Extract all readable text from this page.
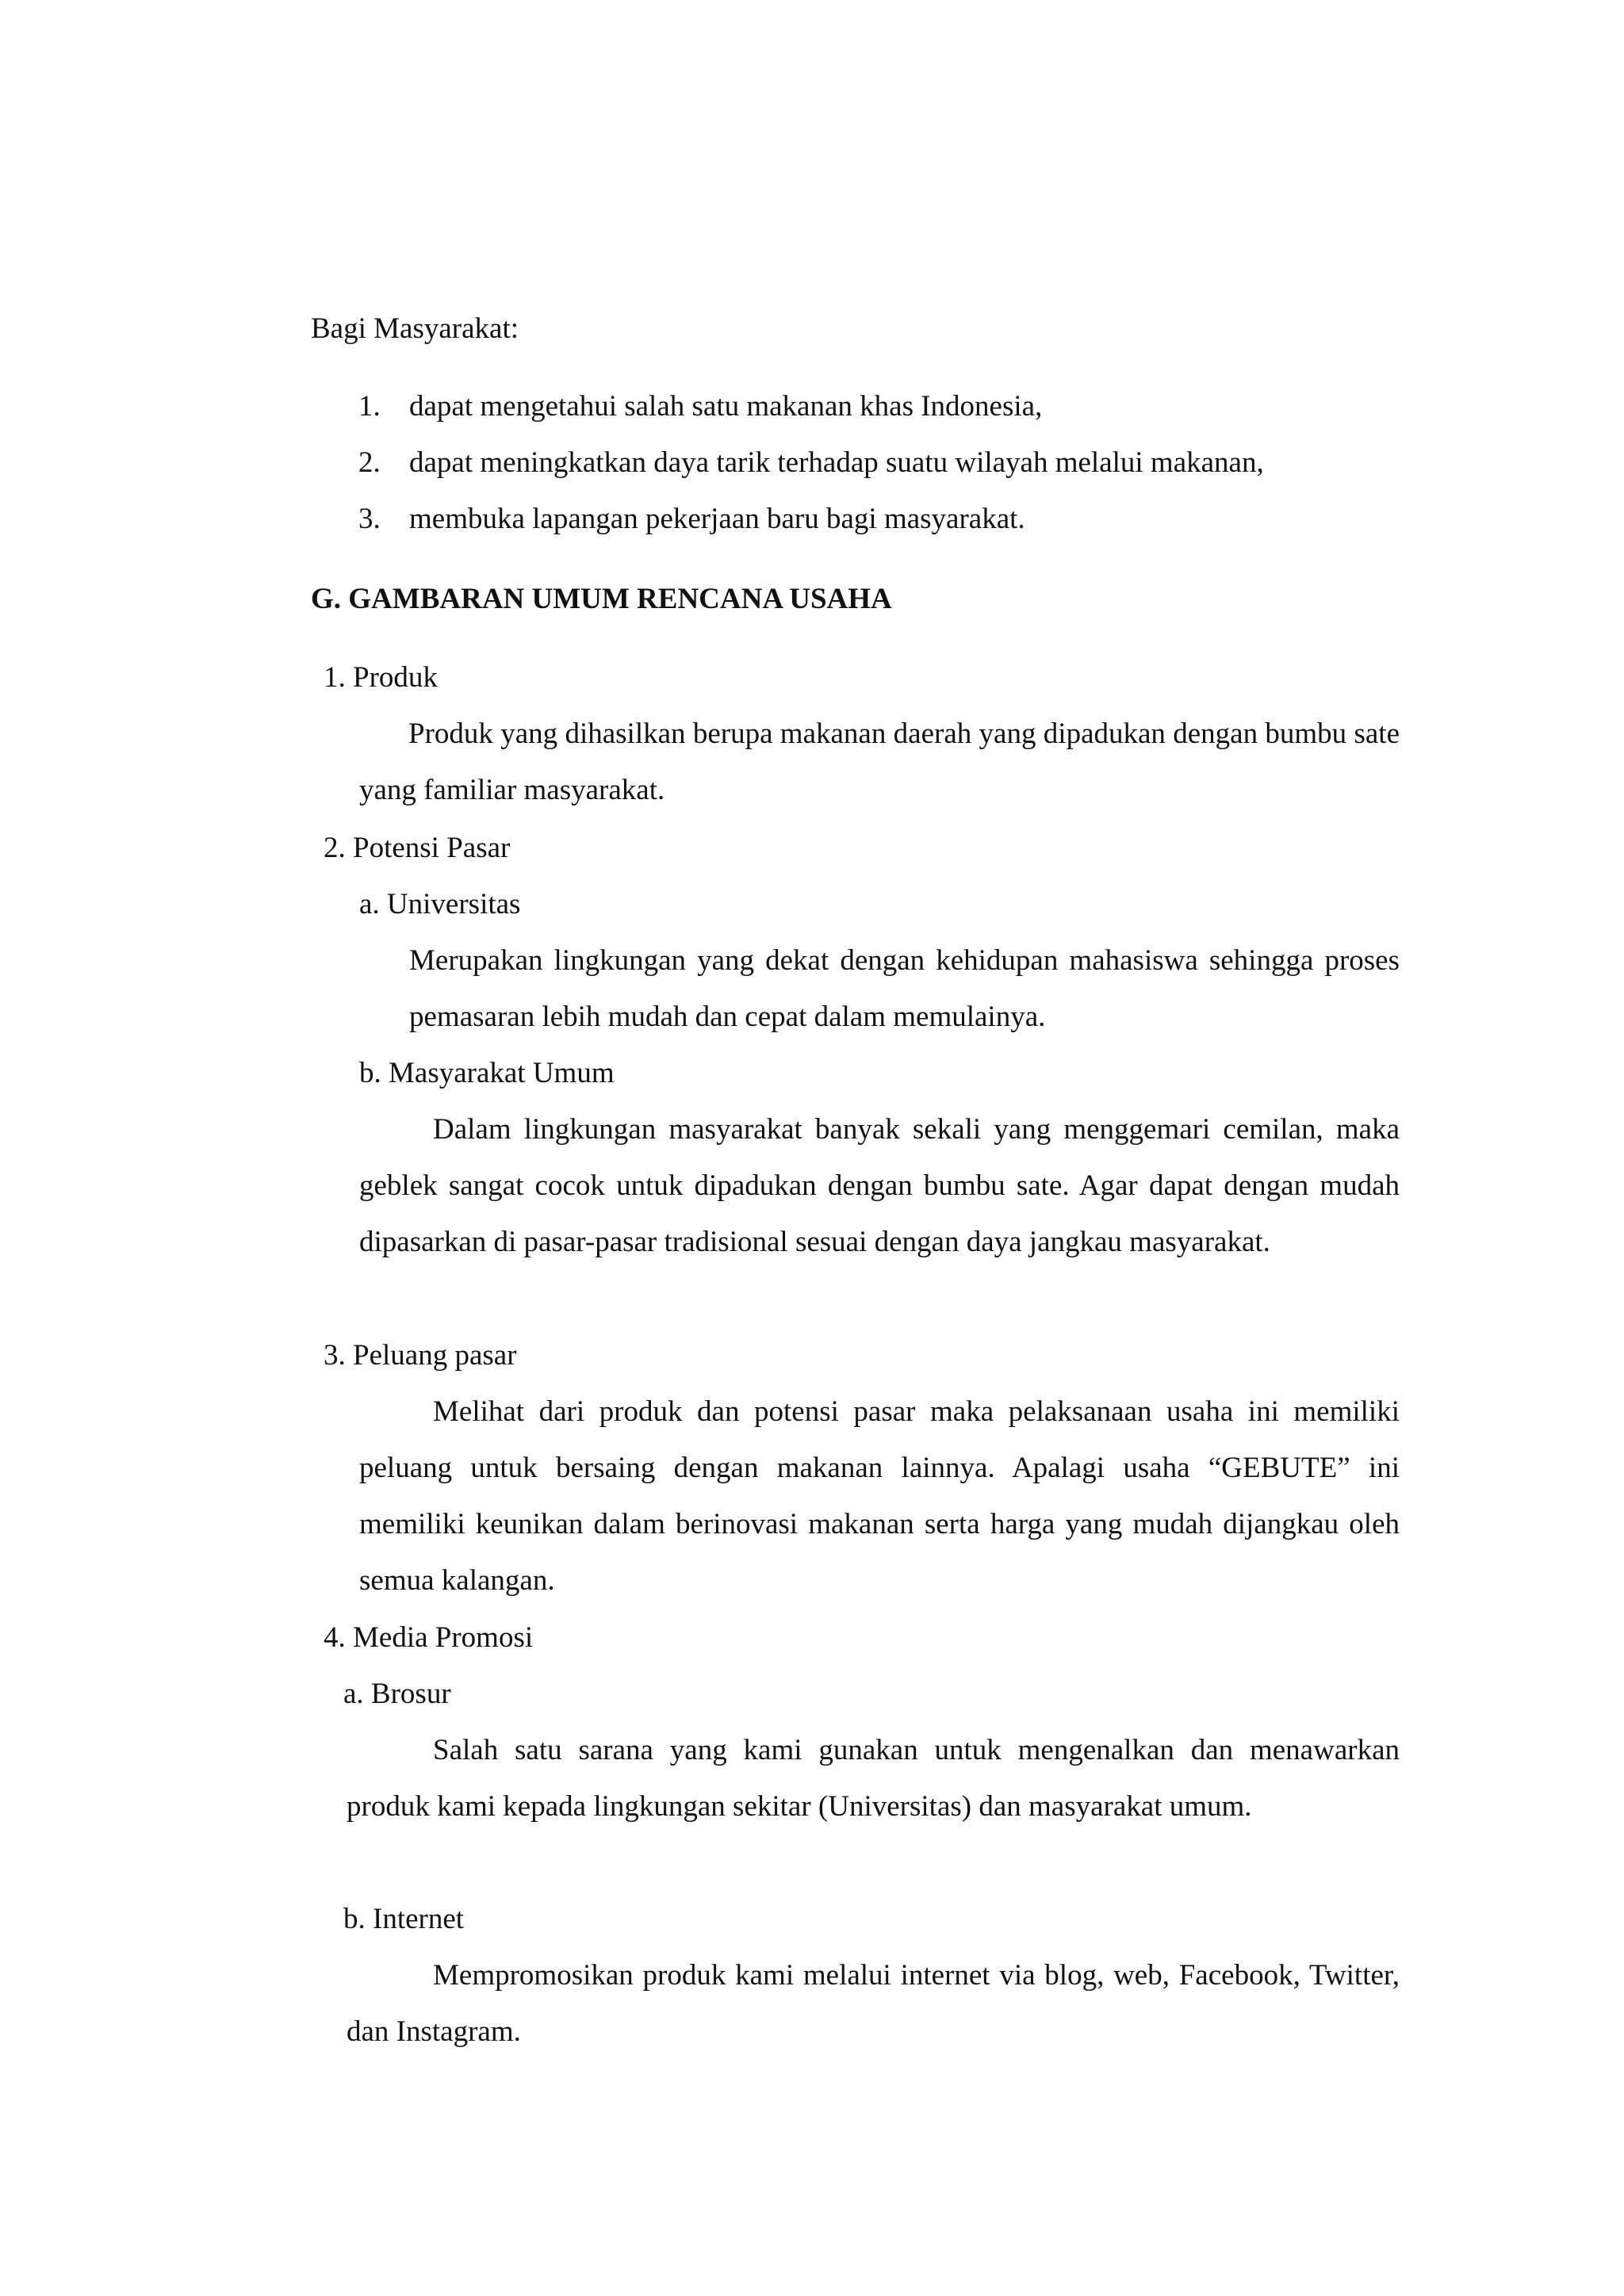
Bagi Masyarakat:
1. dapat mengetahui salah satu makanan khas Indonesia,
2. dapat meningkatkan daya tarik terhadap suatu wilayah melalui makanan,
3. membuka lapangan pekerjaan baru bagi masyarakat.
G. GAMBARAN UMUM RENCANA USAHA
1. Produk
Produk yang dihasilkan berupa makanan daerah yang dipadukan dengan bumbu sate yang familiar masyarakat.
2. Potensi Pasar
a. Universitas
Merupakan lingkungan yang dekat dengan kehidupan mahasiswa sehingga proses pemasaran lebih mudah dan cepat dalam memulainya.
b. Masyarakat Umum
Dalam lingkungan masyarakat banyak sekali yang menggemari cemilan, maka geblek sangat cocok untuk dipadukan dengan bumbu sate. Agar dapat dengan mudah dipasarkan di pasar-pasar tradisional sesuai dengan daya jangkau masyarakat.
3. Peluang pasar
Melihat dari produk dan potensi pasar maka pelaksanaan usaha ini memiliki peluang untuk bersaing dengan makanan lainnya. Apalagi usaha “GEBUTE” ini memiliki keunikan dalam berinovasi makanan serta harga yang mudah dijangkau oleh semua kalangan.
4. Media Promosi
a. Brosur
Salah satu sarana yang kami gunakan untuk mengenalkan dan menawarkan produk kami kepada lingkungan sekitar (Universitas) dan masyarakat umum.
b. Internet
Mempromosikan produk kami melalui internet via blog, web, Facebook, Twitter, dan Instagram.
